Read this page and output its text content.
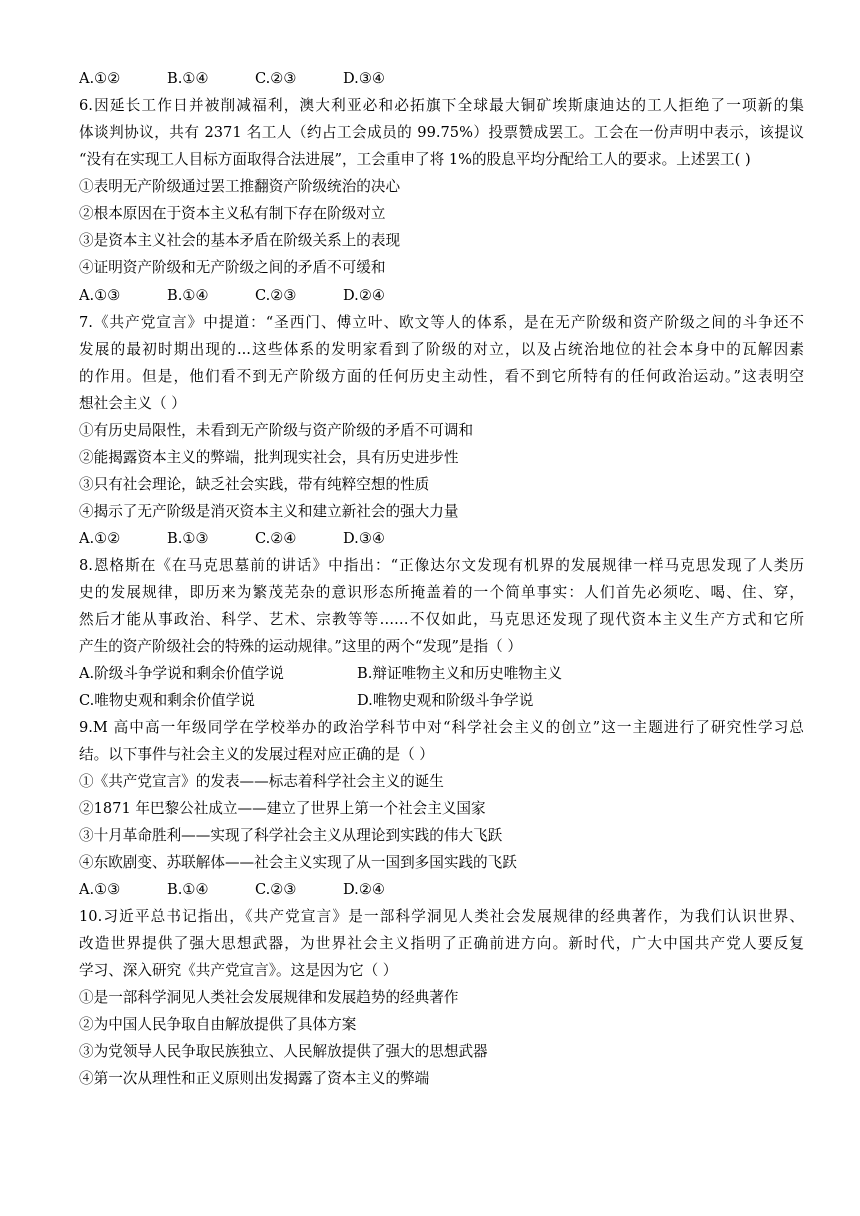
A.①②	B.①④	C.②③	D.③④
6.因延长工作日并被削减福利，澳大利亚必和必拓旗下全球最大铜矿埃斯康迪达的工人拒绝了一项新的集
体谈判协议，共有 2371 名工人（约占工会成员的 99.75%）投票赞成罢工。工会在一份声明中表示，该提议
“没有在实现工人目标方面取得合法进展”，工会重申了将 1%的股息平均分配给工人的要求。上述罢工( )
①表明无产阶级通过罢工推翻资产阶级统治的决心
②根本原因在于资本主义私有制下存在阶级对立
③是资本主义社会的基本矛盾在阶级关系上的表现
④证明资产阶级和无产阶级之间的矛盾不可缓和
A.①③	B.①④	C.②③	D.②④
7.《共产党宣言》中提道：“圣西门、傅立叶、欧文等人的体系，是在无产阶级和资产阶级之间的斗争还不
发展的最初时期出现的...这些体系的发明家看到了阶级的对立，以及占统治地位的社会本身中的瓦解因素
的作用。但是，他们看不到无产阶级方面的任何历史主动性，看不到它所特有的任何政治运动。”这表明空
想社会主义（ ）
①有历史局限性，未看到无产阶级与资产阶级的矛盾不可调和
②能揭露资本主义的弊端，批判现实社会，具有历史进步性
③只有社会理论，缺乏社会实践，带有纯粹空想的性质
④揭示了无产阶级是消灭资本主义和建立新社会的强大力量
A.①②	B.①③	C.②④	D.③④
8.恩格斯在《在马克思墓前的讲话》中指出：“正像达尔文发现有机界的发展规律一样马克思发现了人类历
史的发展规律，即历来为繁茂芜杂的意识形态所掩盖着的一个简单事实：人们首先必须吃、喝、住、穿，
然后才能从事政治、科学、艺术、宗教等等……不仅如此，马克思还发现了现代资本主义生产方式和它所
产生的资产阶级社会的特殊的运动规律。”这里的两个“发现”是指（ ）
A.阶级斗争学说和剩余价值学说	B.辩证唯物主义和历史唯物主义
C.唯物史观和剩余价值学说	D.唯物史观和阶级斗争学说
9.M 高中高一年级同学在学校举办的政治学科节中对“科学社会主义的创立”这一主题进行了研究性学习总
结。以下事件与社会主义的发展过程对应正确的是（ ）
①《共产党宣言》的发表——标志着科学社会主义的诞生
②1871 年巴黎公社成立——建立了世界上第一个社会主义国家
③十月革命胜利——实现了科学社会主义从理论到实践的伟大飞跃
④东欧剧变、苏联解体——社会主义实现了从一国到多国实践的飞跃
A.①③	B.①④	C.②③	D.②④
10.习近平总书记指出，《共产党宣言》是一部科学洞见人类社会发展规律的经典著作，为我们认识世界、
改造世界提供了强大思想武器，为世界社会主义指明了正确前进方向。新时代，广大中国共产党人要反复
学习、深入研究《共产党宣言》。这是因为它（ ）
①是一部科学洞见人类社会发展规律和发展趋势的经典著作
②为中国人民争取自由解放提供了具体方案
③为党领导人民争取民族独立、人民解放提供了强大的思想武器
④第一次从理性和正义原则出发揭露了资本主义的弊端
